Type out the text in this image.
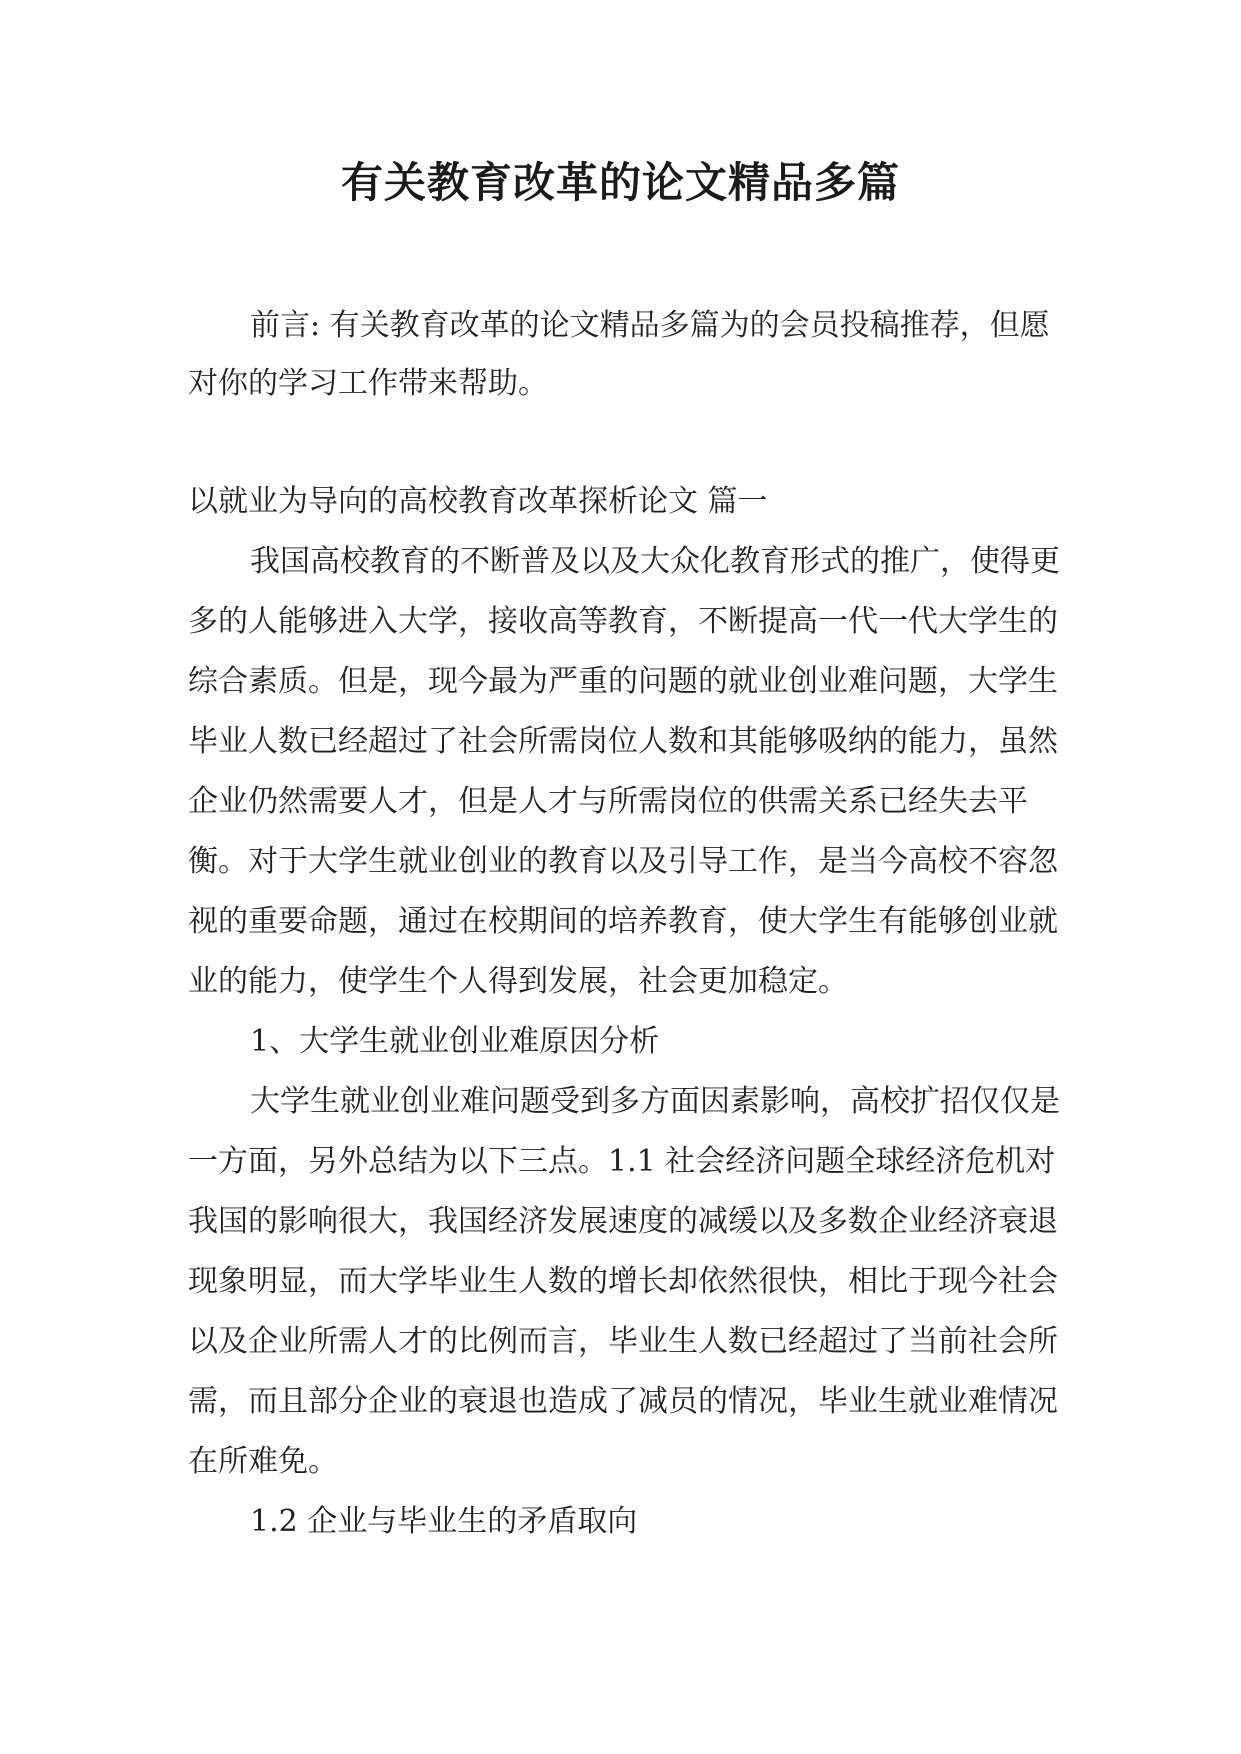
有关教育改革的论文精品多篇

前言: 有关教育改革的论文精品多篇为的会员投稿推荐，但愿对你的学习工作带来帮助。

以就业为导向的高校教育改革探析论文 篇一

我国高校教育的不断普及以及大众化教育形式的推广，使得更多的人能够进入大学，接收高等教育，不断提高一代一代大学生的综合素质。但是，现今最为严重的问题的就业创业难问题，大学生毕业人数已经超过了社会所需岗位人数和其能够吸纳的能力，虽然企业仍然需要人才，但是人才与所需岗位的供需关系已经失去平衡。对于大学生就业创业的教育以及引导工作，是当今高校不容忽视的重要命题，通过在校期间的培养教育，使大学生有能够创业就业的能力，使学生个人得到发展，社会更加稳定。

1、大学生就业创业难原因分析

大学生就业创业难问题受到多方面因素影响，高校扩招仅仅是一方面，另外总结为以下三点。1.1 社会经济问题全球经济危机对我国的影响很大，我国经济发展速度的减缓以及多数企业经济衰退现象明显，而大学毕业生人数的增长却依然很快，相比于现今社会以及企业所需人才的比例而言，毕业生人数已经超过了当前社会所需，而且部分企业的衰退也造成了减员的情况，毕业生就业难情况在所难免。

1.2 企业与毕业生的矛盾取向
